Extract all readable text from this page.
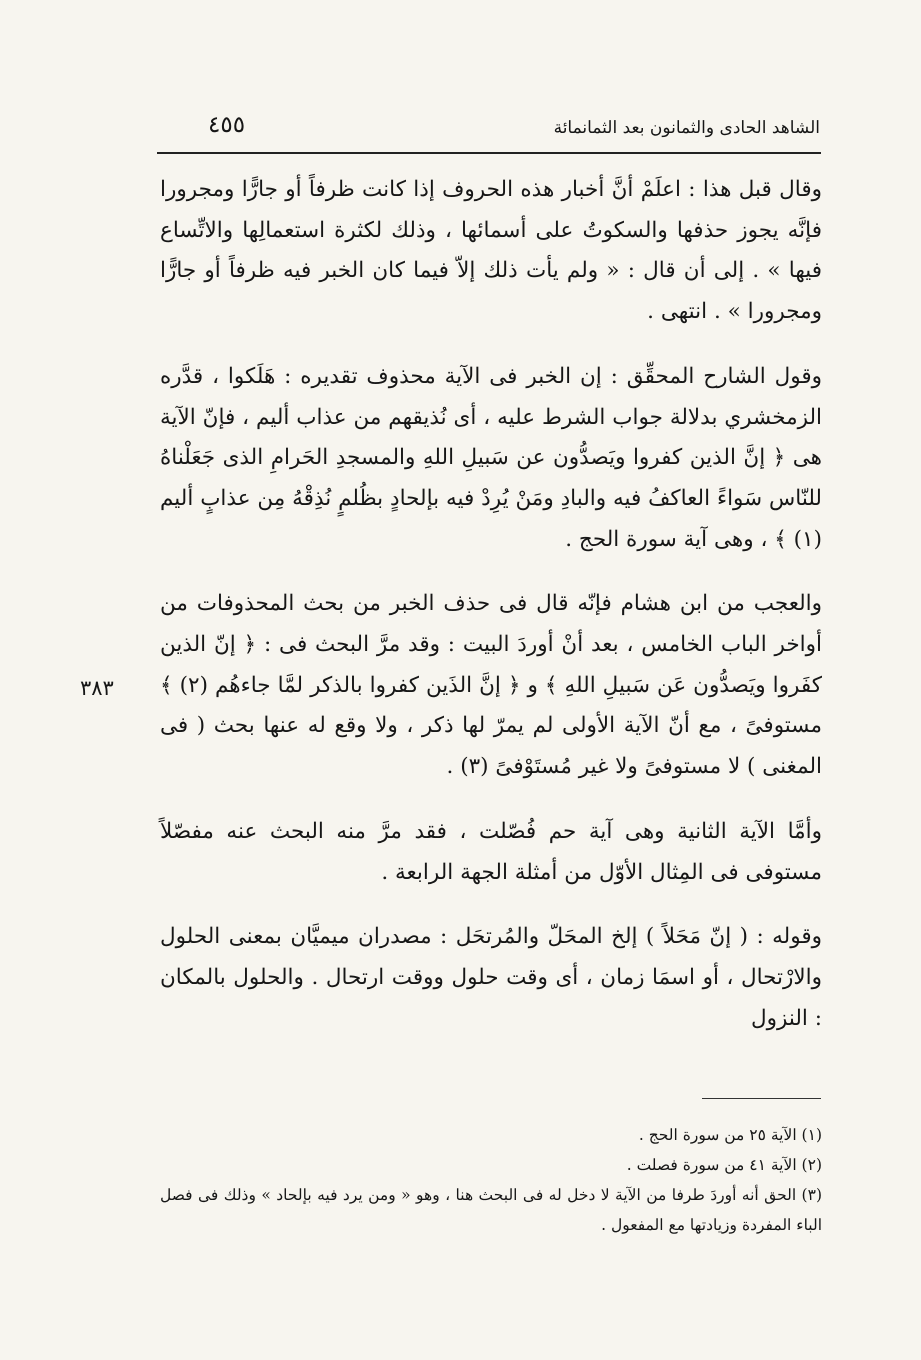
الشاهد الحادى والثمانون بعد الثمانمائة
٤٥٥

وقال قبل هذا : اعلَمْ أنَّ أخبار هذه الحروف إذا كانت ظرفاً أو جارًّا ومجرورا فإنَّه يجوز حذفها والسكوتُ على أسمائها ، وذلك لكثرة استعمالِها والاتِّساع فيها » . إلى أن قال : « ولم يأت ذلك إلاّ فيما كان الخبر فيه ظرفاً أو جارًّا ومجرورا » . انتهى .

وقول الشارح المحقِّق : إن الخبر فى الآية محذوف تقديره : هَلَكوا ، قدَّره الزمخشري بدلالة جواب الشرط عليه ، أى نُذيقهم من عذاب أليم ، فإنّ الآية هى ﴿ إنَّ الذين كفروا ويَصدُّون عن سَبيلِ اللهِ والمسجدِ الحَرامِ الذى جَعَلْناهُ للنّاس سَواءً العاكفُ فيه والبادِ ومَنْ يُرِدْ فيه بإلحادٍ بظُلمٍ نُذِقْهُ مِن عذابٍ أليم (١) ﴾ ، وهى آية سورة الحج .

والعجب من ابن هشام فإنّه قال فى حذف الخبر من بحث المحذوفات من أواخر الباب الخامس ، بعد أنْ أوردَ البيت : وقد مرَّ البحث فى : ﴿ إنّ الذين كفَروا ويَصدُّون عَن سَبيلِ اللهِ ﴾ و ﴿ إنَّ الذَين كفروا بالذكر لمَّا جاءهُم (٢) ﴾ مستوفىً ، مع أنّ الآية الأولى لم يمرّ لها ذكر ، ولا وقع له عنها بحث ( فى المغنى ) لا مستوفىً ولا غير مُستَوْفىً (٣) .

وأمَّا الآية الثانية وهى آية حم فُصّلت ، فقد مرَّ منه البحث عنه مفصّلاً مستوفى فى المِثال الأوّل من أمثلة الجهة الرابعة .

وقوله : ( إنّ مَحَلاً ) إلخ المحَلّ والمُرتحَل : مصدران ميميَّان بمعنى الحلول والارْتحال ، أو اسمَا زمان ، أى وقت حلول ووقت ارتحال . والحلول بالمكان : النزول

٣٨٣

(١) الآية ٢٥ من سورة الحج .

(٢) الآية ٤١ من سورة فصلت .

(٣) الحق أنه أوردَ طرفا من الآية لا دخل له فى البحث هنا ، وهو « ومن يرد فيه بإلحاد » وذلك فى فصل الباء المفردة وزيادتها مع المفعول .
